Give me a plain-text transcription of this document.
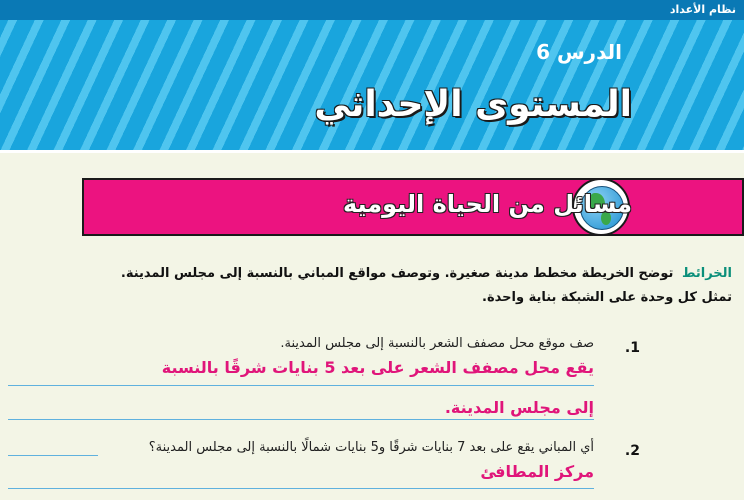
نظام الأعداد
الدرس 6
المستوى الإحداثي
مسائل من الحياة اليومية
الخرائط توضح الخريطة مخطط مدينة صغيرة. وتوصف مواقع المباني بالنسبة إلى مجلس المدينة.
تمثل كل وحدة على الشبكة بناية واحدة.
1.
صف موقع محل مصفف الشعر بالنسبة إلى مجلس المدينة.
يقع محل مصفف الشعر على بعد 5 بنايات شرقًا بالنسبة
إلى مجلس المدينة.
2.
أي المباني يقع على بعد 7 بنايات شرقًا و5 بنايات شمالًا بالنسبة إلى مجلس المدينة؟
مركز المطافئ
